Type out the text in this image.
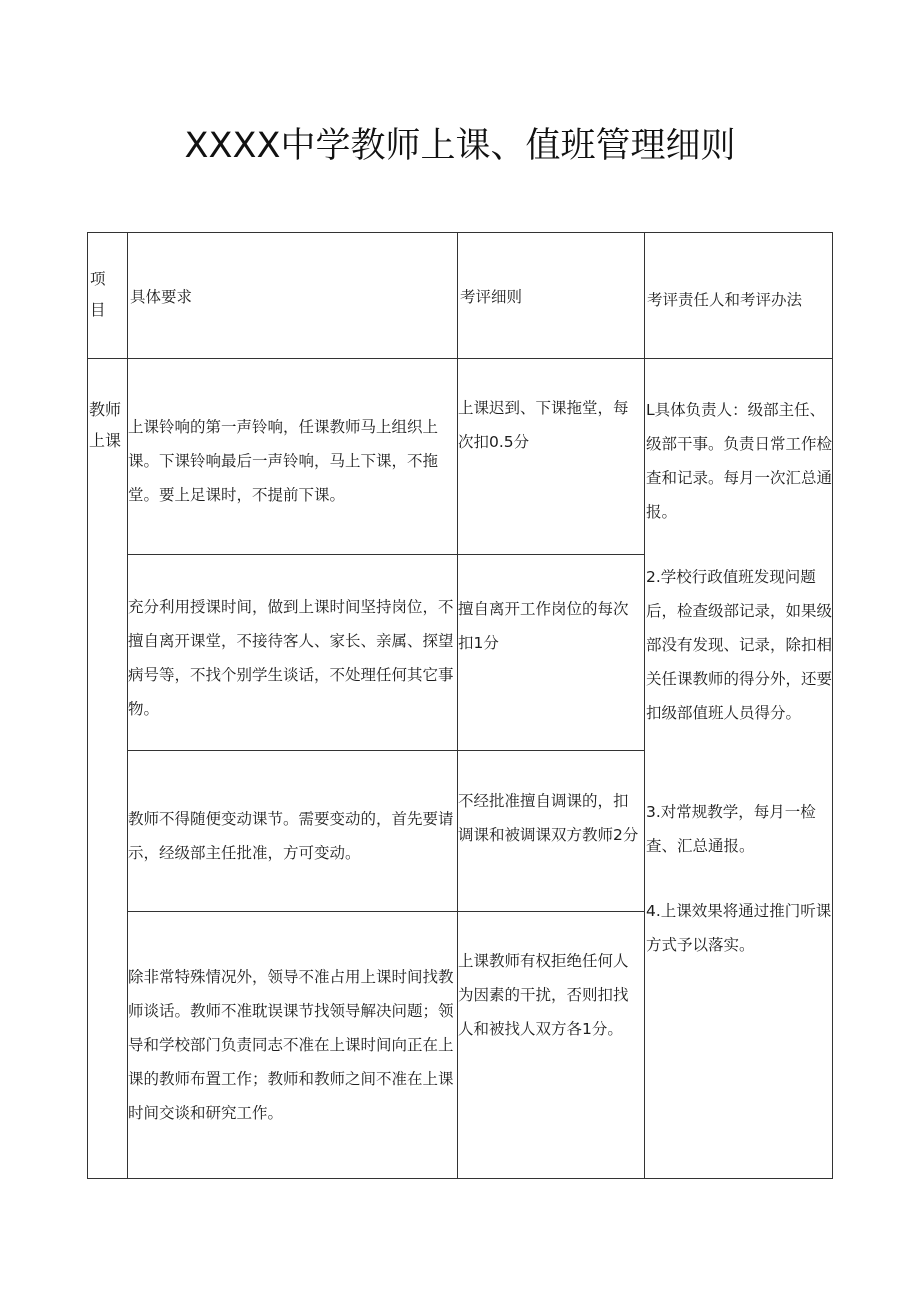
XXXX中学教师上课、值班管理细则
项
目
具体要求	考评细则	考评责任人和考评办法
教师
上课
上课铃响的第一声铃响，任课教师马上组织上课。下课铃响最后一声铃响，马上下课，不拖堂。要上足课时，不提前下课。
充分利用授课时间，做到上课时间坚持岗位，不擅自离开课堂，不接待客人、家长、亲属、探望病号等，不找个别学生谈话，不处理任何其它事物。
教师不得随便变动课节。需要变动的，首先要请示，经级部主任批准，方可变动。
除非常特殊情况外，领导不准占用上课时间找教师谈话。教师不准耽误课节找领导解决问题；领导和学校部门负责同志不准在上课时间向正在上课的教师布置工作；教师和教师之间不准在上课时间交谈和研究工作。
上课迟到、下课拖堂，每次扣0.5分
擅自离开工作岗位的每次扣1分
不经批准擅自调课的，扣调课和被调课双方教师2分
上课教师有权拒绝任何人为因素的干扰，否则扣找人和被找人双方各1分。
L具体负责人：级部主任、级部干事。负责日常工作检查和记录。每月一次汇总通报。
2.学校行政值班发现问题后，检查级部记录，如果级部没有发现、记录，除扣相关任课教师的得分外，还要扣级部值班人员得分。
3.对常规教学，每月一检查、汇总通报。
4.上课效果将通过推门听课方式予以落实。
